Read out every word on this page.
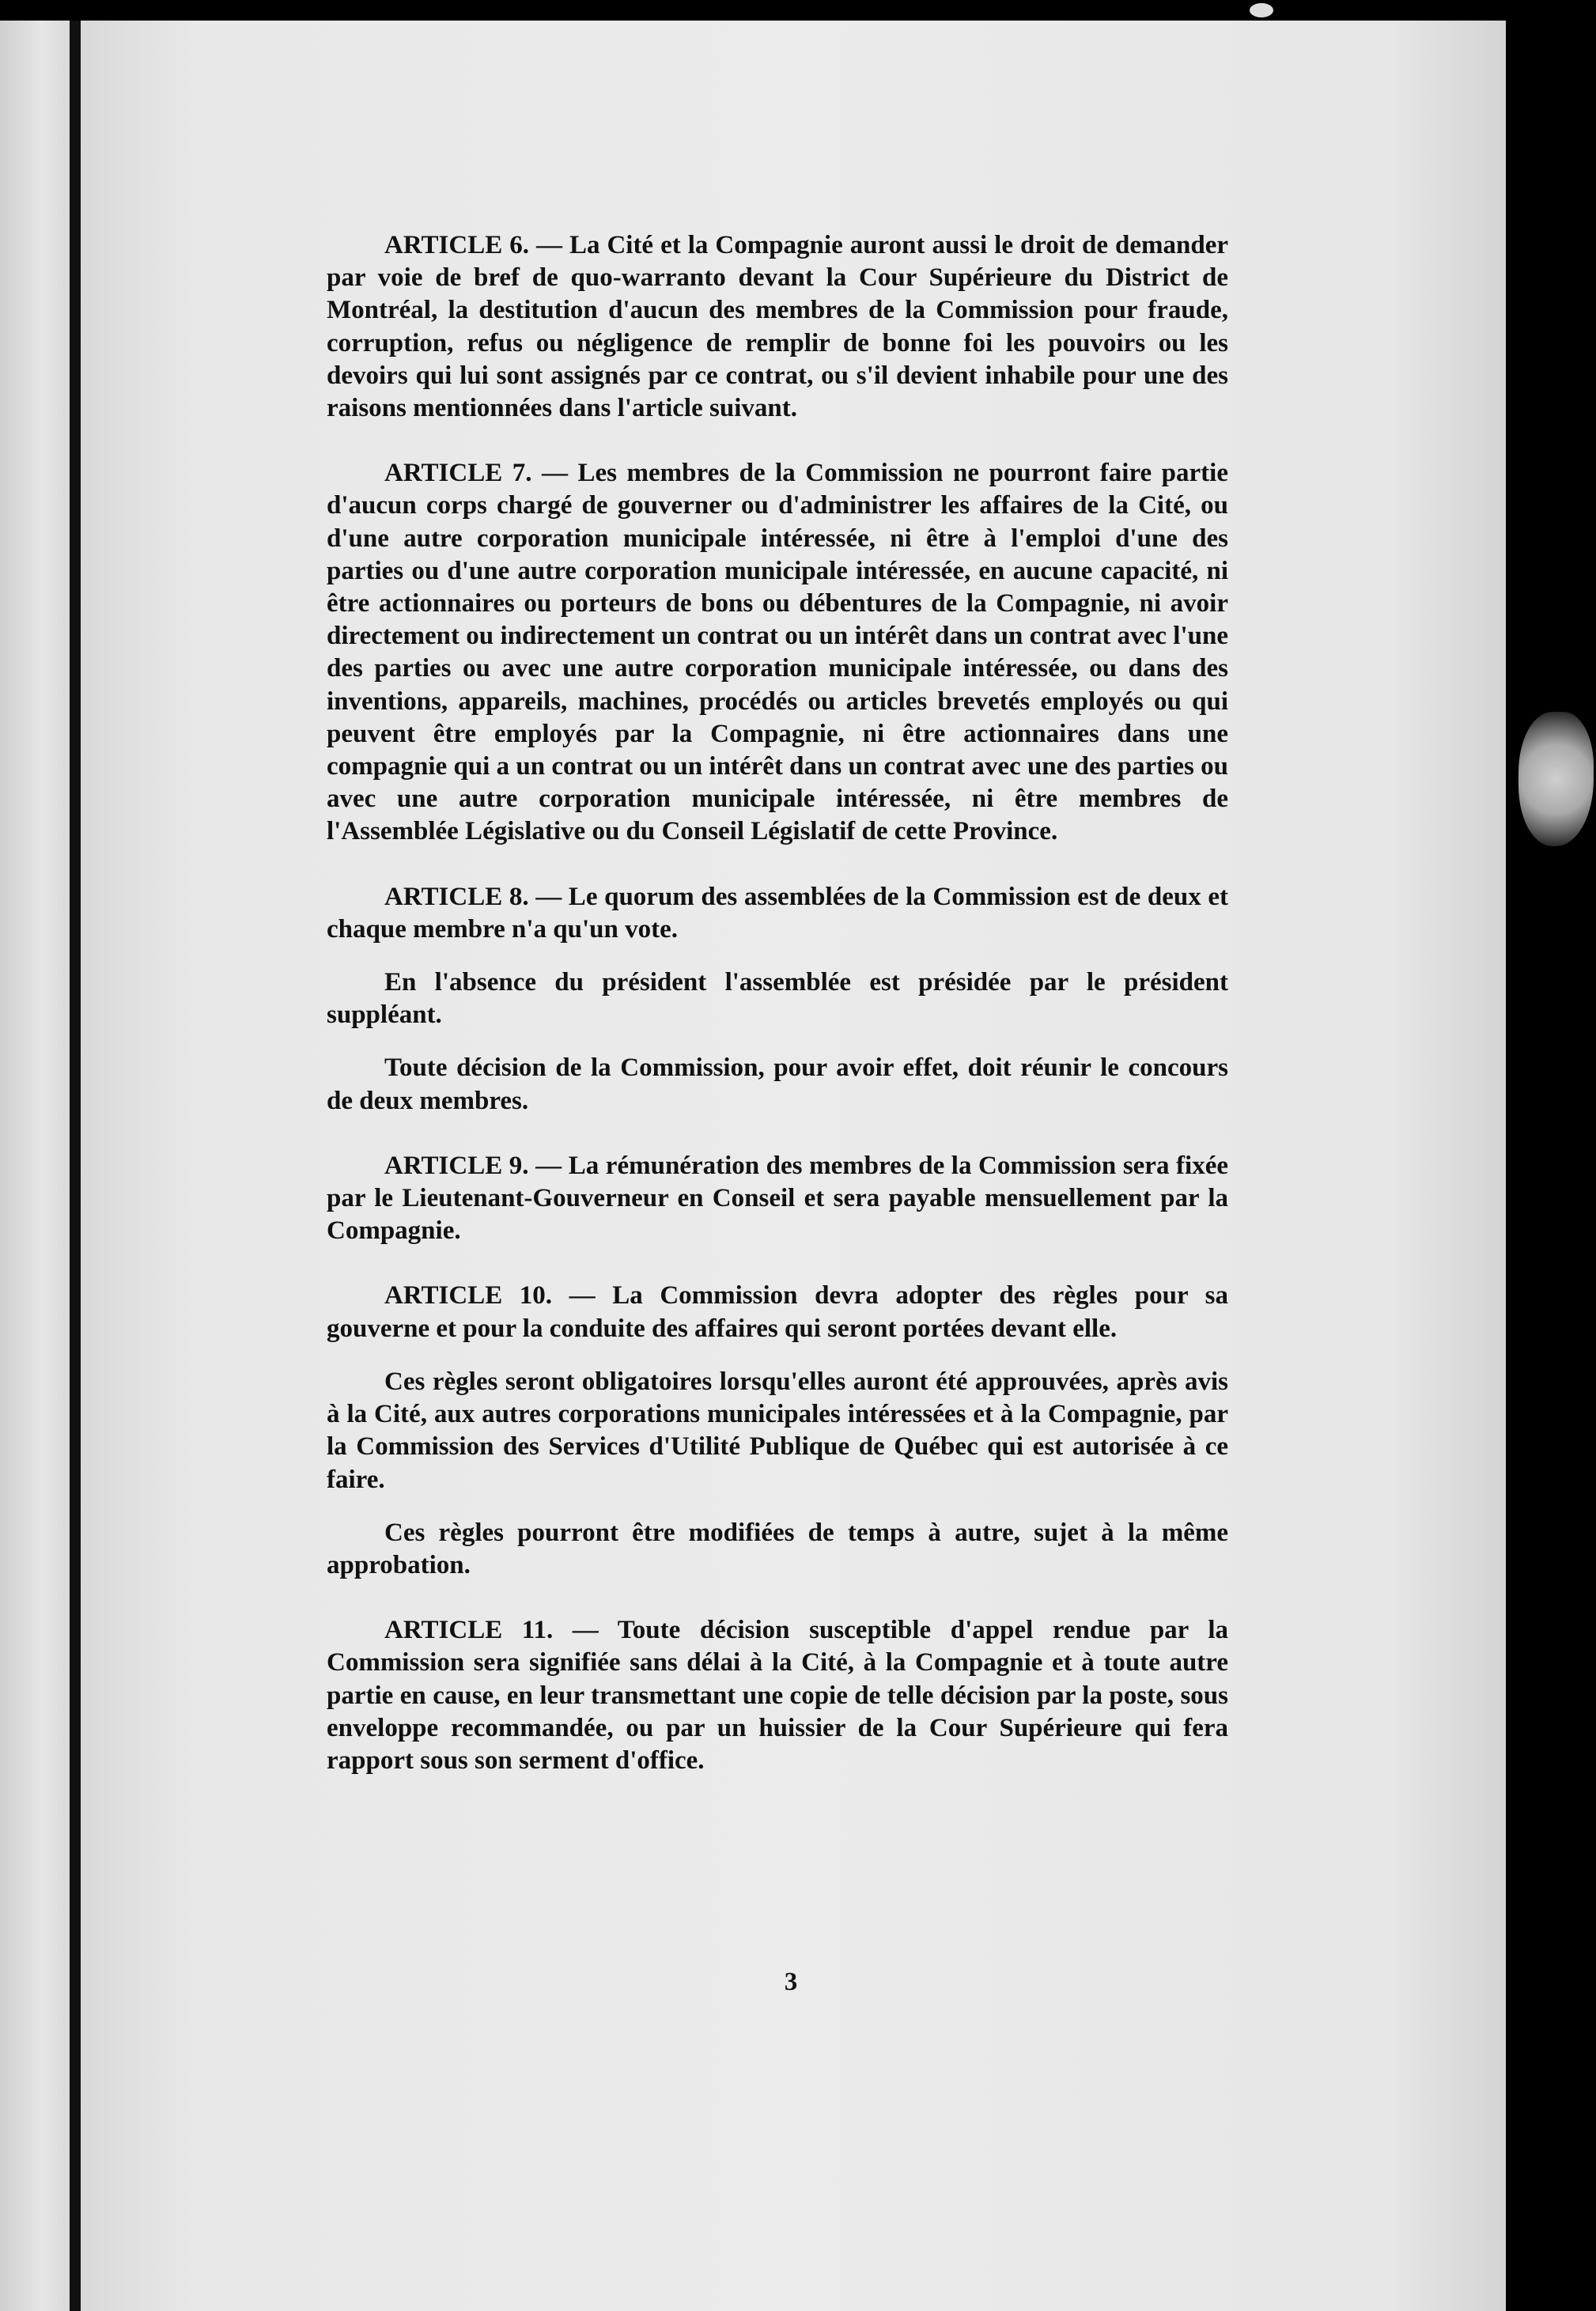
ARTICLE 6. — La Cité et la Compagnie auront aussi le droit de demander par voie de bref de quo-warranto devant la Cour Supérieure du District de Montréal, la destitution d'aucun des membres de la Commission pour fraude, corruption, refus ou négligence de remplir de bonne foi les pouvoirs ou les devoirs qui lui sont assignés par ce contrat, ou s'il devient inhabile pour une des raisons mentionnées dans l'article suivant.

ARTICLE 7. — Les membres de la Commission ne pourront faire partie d'aucun corps chargé de gouverner ou d'administrer les affaires de la Cité, ou d'une autre corporation municipale intéressée, ni être à l'emploi d'une des parties ou d'une autre corporation municipale intéressée, en aucune capacité, ni être actionnaires ou porteurs de bons ou débentures de la Compagnie, ni avoir directement ou indirectement un contrat ou un intérêt dans un contrat avec l'une des parties ou avec une autre corporation municipale intéressée, ou dans des inventions, appareils, machines, procédés ou articles brevetés employés ou qui peuvent être employés par la Compagnie, ni être actionnaires dans une compagnie qui a un contrat ou un intérêt dans un contrat avec une des parties ou avec une autre corporation municipale intéressée, ni être membres de l'Assemblée Législative ou du Conseil Législatif de cette Province.

ARTICLE 8. — Le quorum des assemblées de la Commission est de deux et chaque membre n'a qu'un vote.

En l'absence du président l'assemblée est présidée par le président suppléant.

Toute décision de la Commission, pour avoir effet, doit réunir le concours de deux membres.

ARTICLE 9. — La rémunération des membres de la Commission sera fixée par le Lieutenant-Gouverneur en Conseil et sera payable mensuellement par la Compagnie.

ARTICLE 10. — La Commission devra adopter des règles pour sa gouverne et pour la conduite des affaires qui seront portées devant elle.

Ces règles seront obligatoires lorsqu'elles auront été approuvées, après avis à la Cité, aux autres corporations municipales intéressées et à la Compagnie, par la Commission des Services d'Utilité Publique de Québec qui est autorisée à ce faire.

Ces règles pourront être modifiées de temps à autre, sujet à la même approbation.

ARTICLE 11. — Toute décision susceptible d'appel rendue par la Commission sera signifiée sans délai à la Cité, à la Compagnie et à toute autre partie en cause, en leur transmettant une copie de telle décision par la poste, sous enveloppe recommandée, ou par un huissier de la Cour Supérieure qui fera rapport sous son serment d'office.

3
